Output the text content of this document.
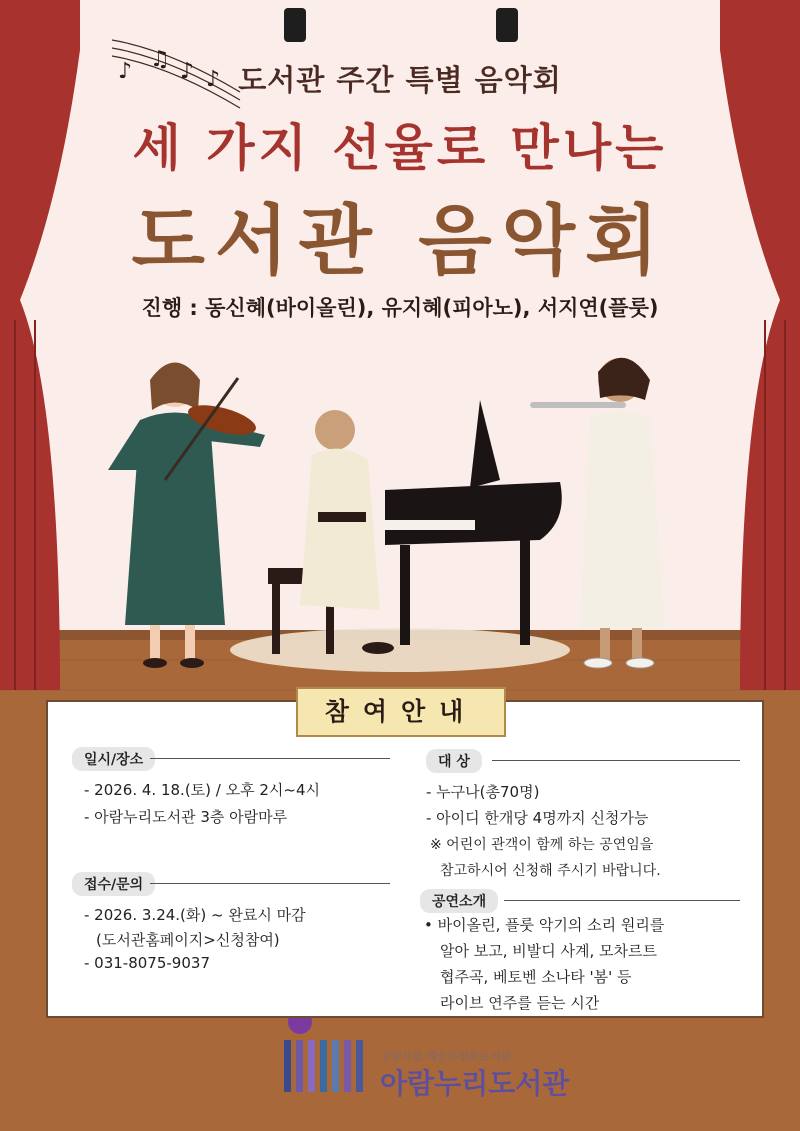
♪ ♫ ♪ ♪ 도서관 주간 특별 음악회
세 가지 선율로 만나는
도서관 음악회
진행 : 동신혜(바이올린), 유지혜(피아노), 서지연(플룻)
참여안내
일시/장소
- 2026. 4. 18.(토) / 오후 2시~4시
- 아람누리도서관 3층 아람마루
접수/문의
- 2026. 3.24.(화) ~ 완료시 마감
(도서관홈페이지>신청참여)
- 031-8075-9037
대 상
- 누구나(총70명)
- 아이디 한개당 4명까지 신청가능
※ 어린이 관객이 함께 하는 공연임을
참고하시어 신청해 주시기 바랍니다.
공연소개
• 바이올린, 플룻 악기의 소리 원리를
알아 보고, 비발디 사계, 모차르트
협주곡, 베토벤 소나타 '봄' 등
라이브 연주를 듣는 시간
고양시립 예술특성화도서관
아람누리도서관
